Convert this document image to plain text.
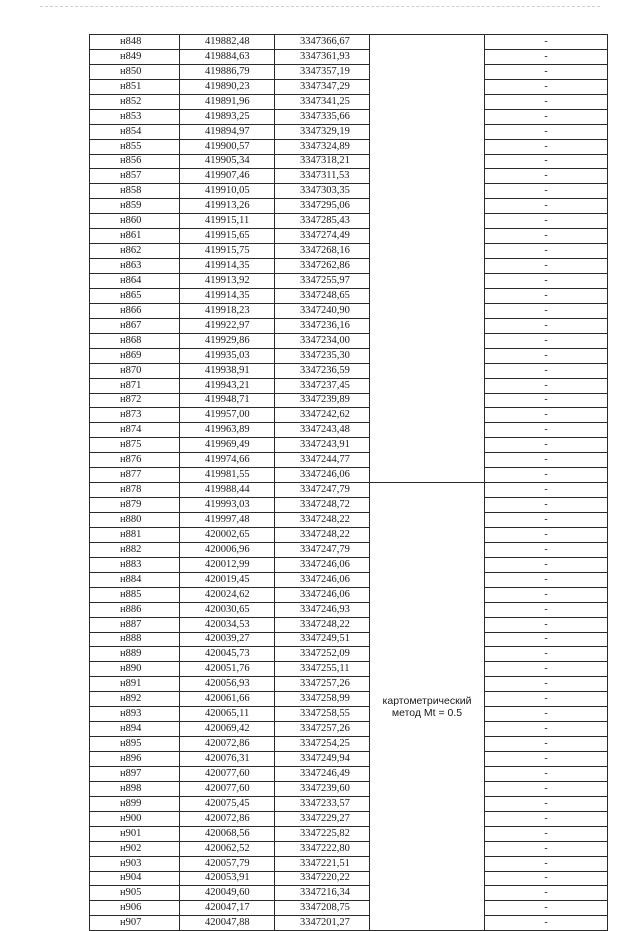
н848	419882,48	3347366,67		-
н849	419884,63	3347361,93		-
н850	419886,79	3347357,19		-
н851	419890,23	3347347,29		-
н852	419891,96	3347341,25		-
н853	419893,25	3347335,66		-
н854	419894,97	3347329,19		-
н855	419900,57	3347324,89		-
н856	419905,34	3347318,21		-
н857	419907,46	3347311,53		-
н858	419910,05	3347303,35		-
н859	419913,26	3347295,06		-
н860	419915,11	3347285,43		-
н861	419915,65	3347274,49		-
н862	419915,75	3347268,16		-
н863	419914,35	3347262,86		-
н864	419913,92	3347255,97		-
н865	419914,35	3347248,65		-
н866	419918,23	3347240,90		-
н867	419922,97	3347236,16		-
н868	419929,86	3347234,00		-
н869	419935,03	3347235,30		-
н870	419938,91	3347236,59		-
н871	419943,21	3347237,45		-
н872	419948,71	3347239,89		-
н873	419957,00	3347242,62		-
н874	419963,89	3347243,48		-
н875	419969,49	3347243,91		-
н876	419974,66	3347244,77		-
н877	419981,55	3347246,06		-
н878	419988,44	3347247,79	картометрический метод Mt = 0.5	-
н879	419993,03	3347248,72		-
н880	419997,48	3347248,22		-
н881	420002,65	3347248,22		-
н882	420006,96	3347247,79		-
н883	420012,99	3347246,06		-
н884	420019,45	3347246,06		-
н885	420024,62	3347246,06		-
н886	420030,65	3347246,93		-
н887	420034,53	3347248,22		-
н888	420039,27	3347249,51		-
н889	420045,73	3347252,09		-
н890	420051,76	3347255,11		-
н891	420056,93	3347257,26		-
н892	420061,66	3347258,99		-
н893	420065,11	3347258,55		-
н894	420069,42	3347257,26		-
н895	420072,86	3347254,25		-
н896	420076,31	3347249,94		-
н897	420077,60	3347246,49		-
н898	420077,60	3347239,60		-
н899	420075,45	3347233,57		-
н900	420072,86	3347229,27		-
н901	420068,56	3347225,82		-
н902	420062,52	3347222,80		-
н903	420057,79	3347221,51		-
н904	420053,91	3347220,22		-
н905	420049,60	3347216,34		-
н906	420047,17	3347208,75		-
н907	420047,88	3347201,27		-
